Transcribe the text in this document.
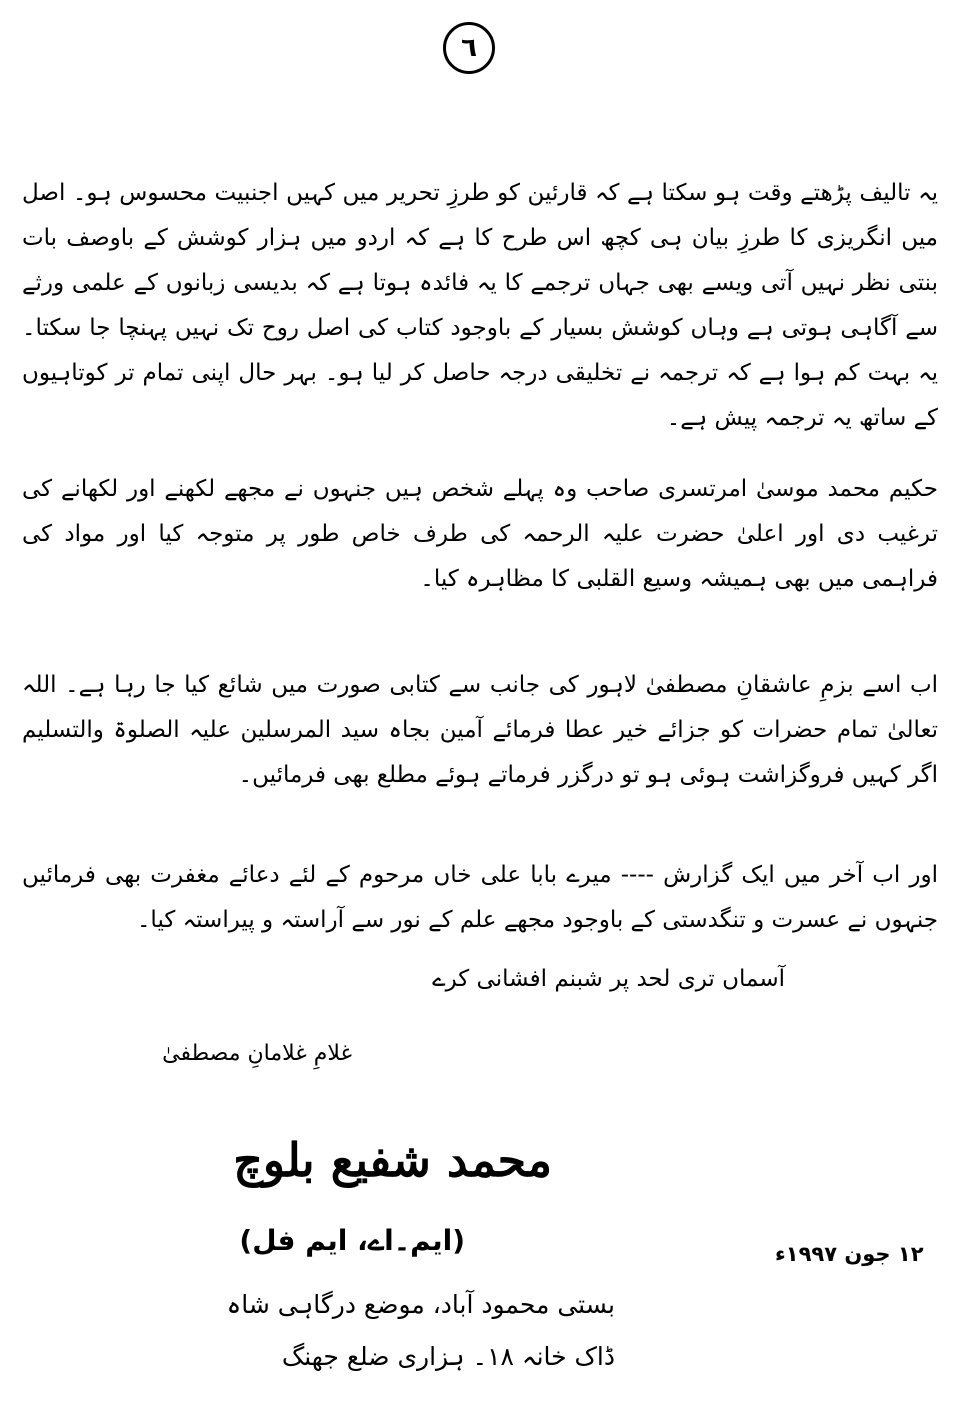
٦

یہ تالیف پڑھتے وقت ہو سکتا ہے کہ قارئین کو طرزِ تحریر میں کہیں اجنبیت محسوس ہو۔ اصل میں انگریزی کا طرزِ بیان ہی کچھ اس طرح کا ہے کہ اردو میں ہزار کوشش کے باوصف بات بنتی نظر نہیں آتی ویسے بھی جہاں ترجمے کا یہ فائدہ ہوتا ہے کہ بدیسی زبانوں کے علمی ورثے سے آگاہی ہوتی ہے وہاں کوشش بسیار کے باوجود کتاب کی اصل روح تک نہیں پہنچا جا سکتا۔ یہ بہت کم ہوا ہے کہ ترجمہ نے تخلیقی درجہ حاصل کر لیا ہو۔ بہر حال اپنی تمام تر کوتاہیوں کے ساتھ یہ ترجمہ پیش ہے۔

حکیم محمد موسیٰ امرتسری صاحب وہ پہلے شخص ہیں جنہوں نے مجھے لکھنے اور لکھانے کی ترغیب دی اور اعلیٰ حضرت علیہ الرحمہ کی طرف خاص طور پر متوجہ کیا اور مواد کی فراہمی میں بھی ہمیشہ وسیع القلبی کا مظاہرہ کیا۔

اب اسے بزمِ عاشقانِ مصطفیٰ لاہور کی جانب سے کتابی صورت میں شائع کیا جا رہا ہے۔ اللہ تعالیٰ تمام حضرات کو جزائے خیر عطا فرمائے آمین بجاہ سید المرسلین علیہ الصلوۃ والتسلیم اگر کہیں فروگزاشت ہوئی ہو تو درگزر فرماتے ہوئے مطلع بھی فرمائیں۔

اور اب آخر میں ایک گزارش ---- میرے بابا علی خاں مرحوم کے لئے دعائے مغفرت بھی فرمائیں جنہوں نے عسرت و تنگدستی کے باوجود مجھے علم کے نور سے آراستہ و پیراستہ کیا۔

آسماں تری لحد پر شبنم افشانی کرے
غلامِ غلامانِ مصطفیٰ
محمد شفیع بلوچ
(ایم۔اے، ایم فل)
بستی محمود آباد، موضع درگاہی شاہ
ڈاک خانہ ۱۸۔ ہزاری ضلع جھنگ
۱۲ جون ۱۹۹۷ء
